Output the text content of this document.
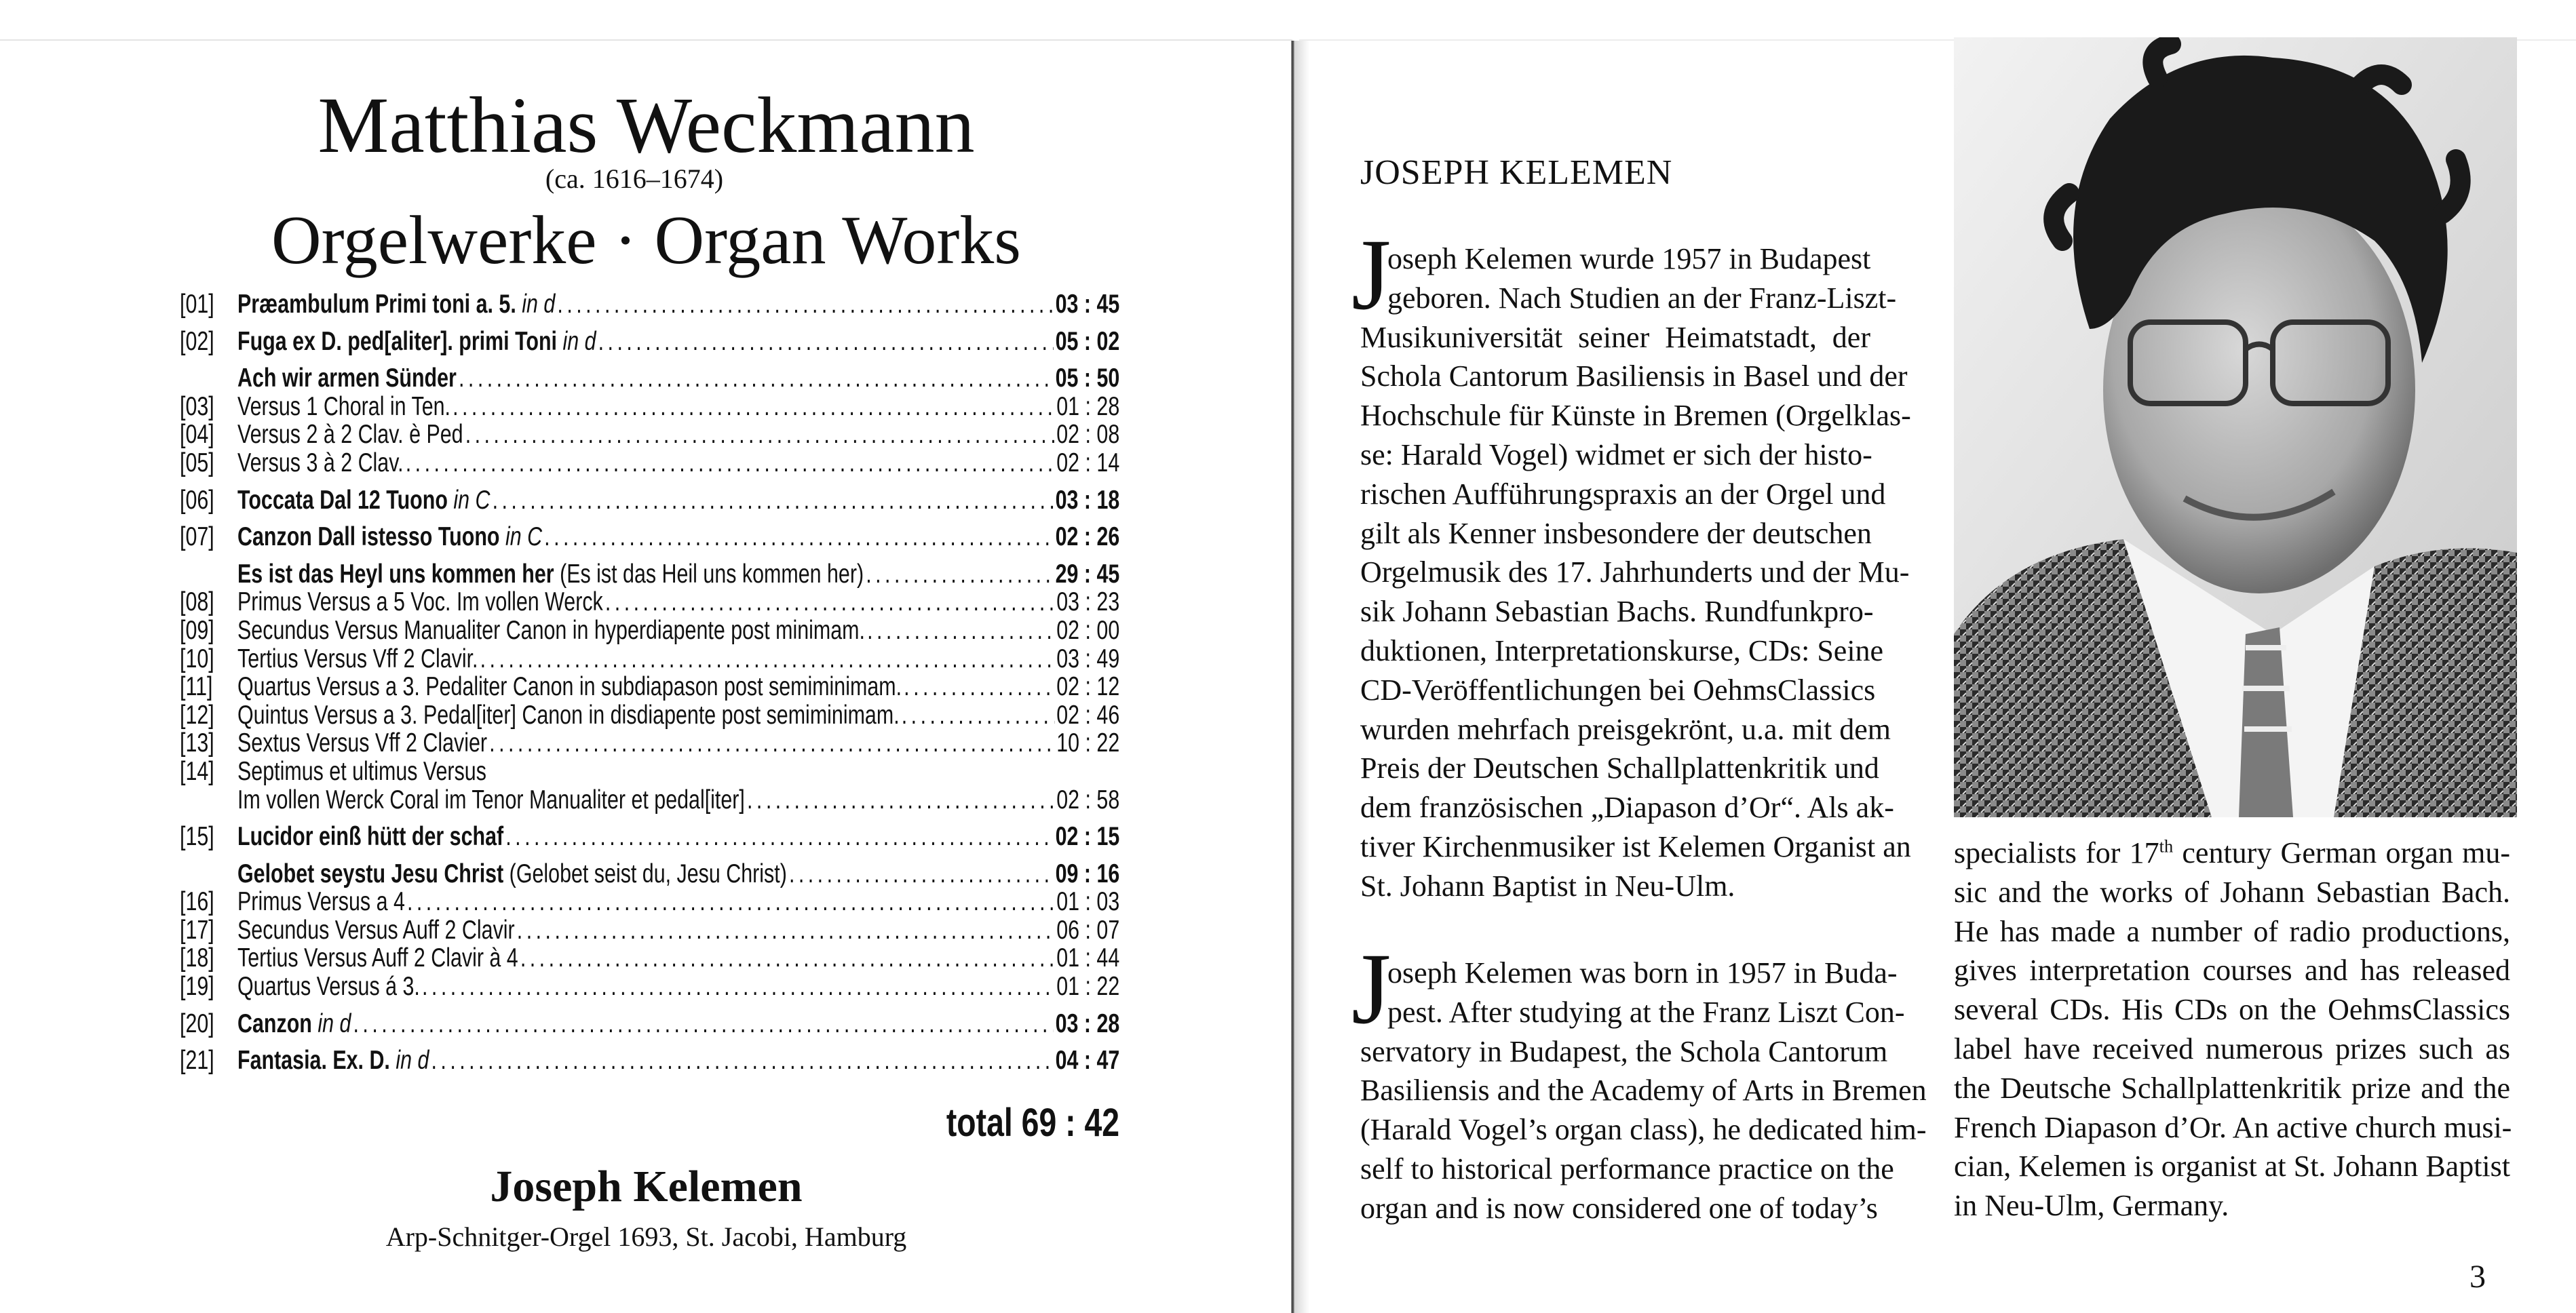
Matthias Weckmann
(ca. 1616–1674)
Orgelwerke · Organ Works
[01] Præambulum Primi toni a. 5. in d .....	03 : 45
[02] Fuga ex D. ped[aliter]. primi Toni in d .....	05 : 02
Ach wir armen Sünder .....	05 : 50
[03] Versus 1 Choral in Ten. .....	01 : 28
[04] Versus 2 à 2 Clav. è Ped .....	02 : 08
[05] Versus 3 à 2 Clav. .....	02 : 14
[06] Toccata Dal 12 Tuono in C .....	03 : 18
[07] Canzon Dall istesso Tuono in C .....	02 : 26
Es ist das Heyl uns kommen her (Es ist das Heil uns kommen her) .....	29 : 45
[08] Primus Versus a 5 Voc. Im vollen Werck .....	03 : 23
[09] Secundus Versus Manualiter Canon in hyperdiapente post minimam. .....	02 : 00
[10] Tertius Versus Vff 2 Clavir. .....	03 : 49
[11] Quartus Versus a 3. Pedaliter Canon in subdiapason post semiminimam. .....	02 : 12
[12] Quintus Versus a 3. Pedal[iter] Canon in disdiapente post semiminimam. .....	02 : 46
[13] Sextus Versus Vff 2 Clavier .....	10 : 22
[14] Septimus et ultimus Versus
Im vollen Werck Coral im Tenor Manualiter et pedal[iter] .....	02 : 58
[15] Lucidor einß hütt der schaf .....	02 : 15
Gelobet seystu Jesu Christ (Gelobet seist du, Jesu Christ) .....	09 : 16
[16] Primus Versus a 4 .....	01 : 03
[17] Secundus Versus Auff 2 Clavir .....	06 : 07
[18] Tertius Versus Auff 2 Clavir à 4 .....	01 : 44
[19] Quartus Versus á 3. .....	01 : 22
[20] Canzon in d .....	03 : 28
[21] Fantasia. Ex. D. in d .....	04 : 47
total 69 : 42
Joseph Kelemen
Arp-Schnitger-Orgel 1693, St. Jacobi, Hamburg
JOSEPH KELEMEN
J
oseph Kelemen wurde 1957 in Budapest
geboren. Nach Studien an der Franz-Liszt-
Musikuniversität seiner Heimatstadt, der
Schola Cantorum Basiliensis in Basel und der
Hochschule für Künste in Bremen (Orgelklas-
se: Harald Vogel) widmet er sich der histo-
rischen Aufführungspraxis an der Orgel und
gilt als Kenner insbesondere der deutschen
Orgelmusik des 17. Jahrhunderts und der Mu-
sik Johann Sebastian Bachs. Rundfunkpro-
duktionen, Interpretationskurse, CDs: Seine
CD-Veröffentlichungen bei OehmsClassics
wurden mehrfach preisgekrönt, u.a. mit dem
Preis der Deutschen Schallplattenkritik und
dem französischen „Diapason d’Or“. Als ak-
tiver Kirchenmusiker ist Kelemen Organist an
St. Johann Baptist in Neu-Ulm.
J
oseph Kelemen was born in 1957 in Buda-
pest. After studying at the Franz Liszt Con-
servatory in Budapest, the Schola Cantorum
Basiliensis and the Academy of Arts in Bremen
(Harald Vogel’s organ class), he dedicated him-
self to historical performance practice on the
organ and is now considered one of today’s
specialists for 17th century German organ mu-
sic and the works of Johann Sebastian Bach.
He has made a number of radio productions,
gives interpretation courses and has released
several CDs. His CDs on the OehmsClassics
label have received numerous prizes such as
the Deutsche Schallplattenkritik prize and the
French Diapason d’Or. An active church musi-
cian, Kelemen is organist at St. Johann Baptist
in Neu-Ulm, Germany.
3
